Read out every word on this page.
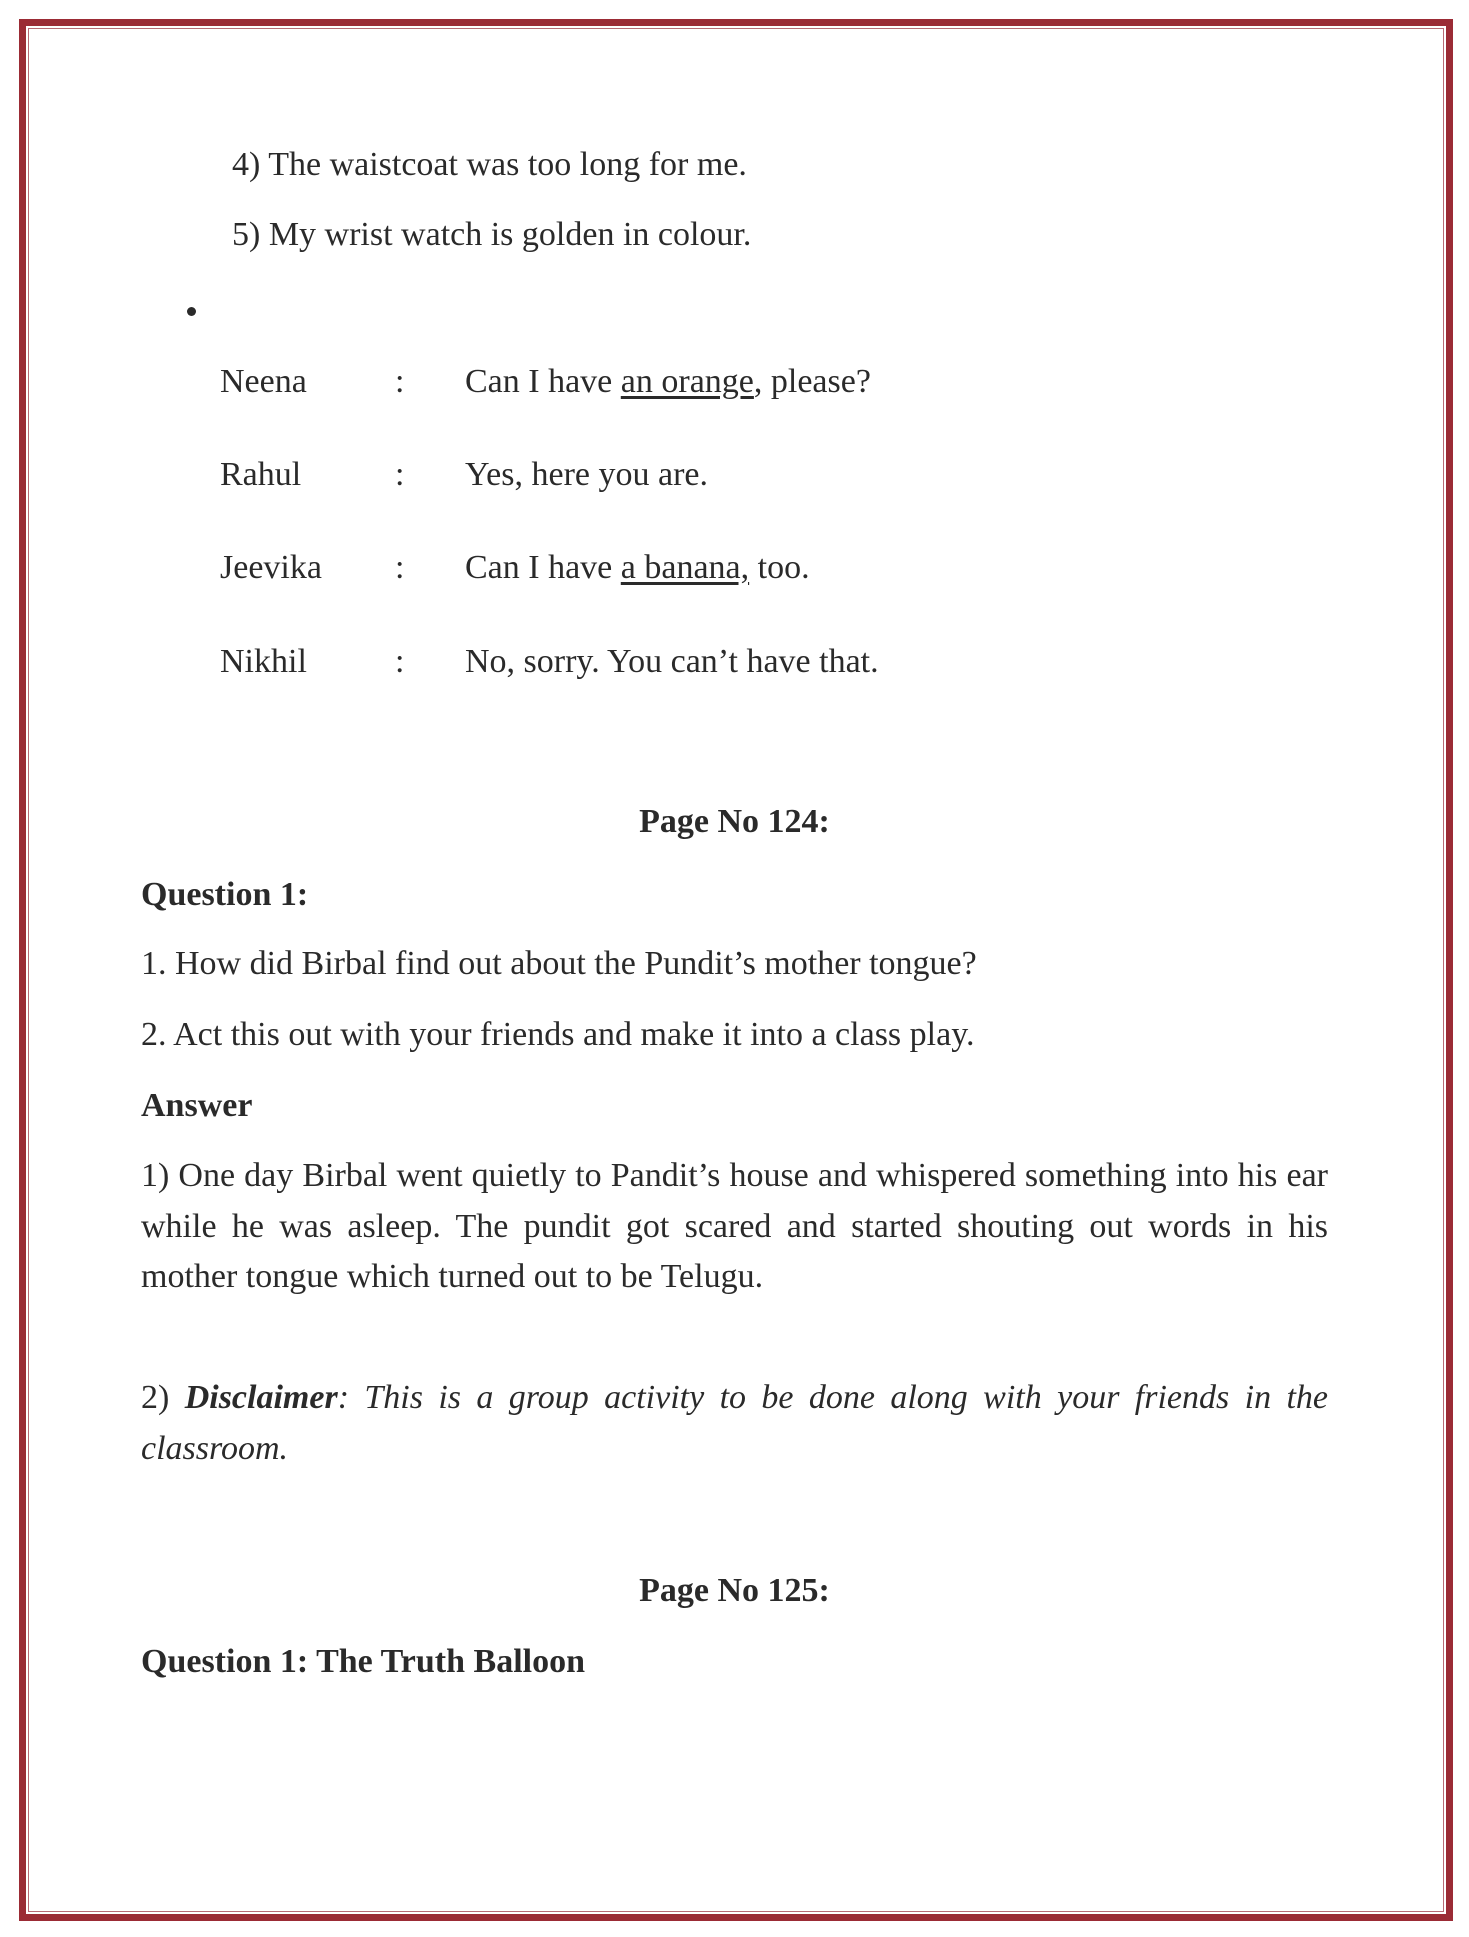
4) The waistcoat was too long for me.
5) My wrist watch is golden in colour.
Neena	: Can I have an orange, please?
Rahul	: Yes, here you are.
Jeevika : Can I have a banana, too.
Nikhil	: No, sorry. You can’t have that.
Page No 124:
Question 1:
1. How did Birbal find out about the Pundit’s mother tongue?
2. Act this out with your friends and make it into a class play.
Answer
1) One day Birbal went quietly to Pandit’s house and whispered something into his ear while he was asleep. The pundit got scared and started shouting out words in his mother tongue which turned out to be Telugu.
2) Disclaimer: This is a group activity to be done along with your friends in the classroom.
Page No 125:
Question 1: The Truth Balloon
